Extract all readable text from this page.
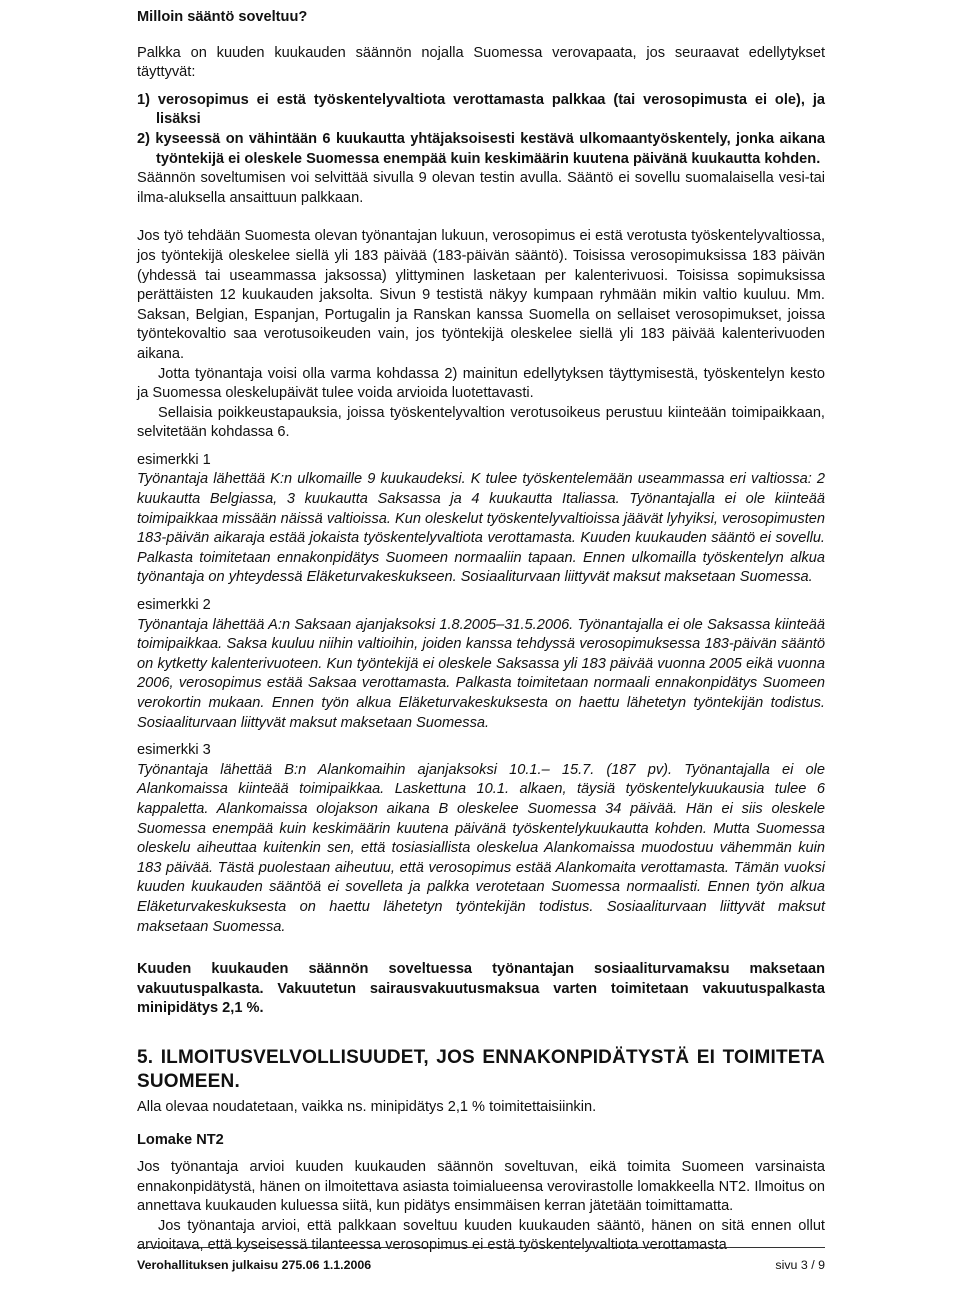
Milloin sääntö soveltuu?

Palkka on kuuden kuukauden säännön nojalla Suomessa verovapaata, jos seuraavat edellytykset täyttyvät:

1) verosopimus ei estä työskentelyvaltiota verottamasta palkkaa (tai verosopimusta ei ole), ja lisäksi

2) kyseessä on vähintään 6 kuukautta yhtäjaksoisesti kestävä ulkomaantyöskentely, jonka aikana työntekijä ei oleskele Suomessa enempää kuin keskimäärin kuutena päivänä kuukautta kohden.

Säännön soveltumisen voi selvittää sivulla 9 olevan testin avulla. Sääntö ei sovellu suomalaisella vesi-tai ilma-aluksella ansaittuun palkkaan.

Jos työ tehdään Suomesta olevan työnantajan lukuun, verosopimus ei estä verotusta työskentelyvaltiossa, jos työntekijä oleskelee siellä yli 183 päivää (183-päivän sääntö). Toisissa verosopimuksissa 183 päivän (yhdessä tai useammassa jaksossa) ylittyminen lasketaan per kalenterivuosi. Toisissa sopimuksissa perättäisten 12 kuukauden jaksolta. Sivun 9 testistä näkyy kumpaan ryhmään mikin valtio kuuluu. Mm. Saksan, Belgian, Espanjan, Portugalin ja Ranskan kanssa Suomella on sellaiset verosopimukset, joissa työntekovaltio saa verotusoikeuden vain, jos työntekijä oleskelee siellä yli 183 päivää kalenterivuoden aikana.

Jotta työnantaja voisi olla varma kohdassa 2) mainitun edellytyksen täyttymisestä, työskentelyn kesto ja Suomessa oleskelupäivät tulee voida arvioida luotettavasti.

Sellaisia poikkeustapauksia, joissa työskentelyvaltion verotusoikeus perustuu kiinteään toimipaikkaan, selvitetään kohdassa 6.

esimerkki 1

Työnantaja lähettää K:n ulkomaille 9 kuukaudeksi. K tulee työskentelemään useammassa eri valtiossa: 2 kuukautta Belgiassa, 3 kuukautta Saksassa ja 4 kuukautta Italiassa. Työnantajalla ei ole kiinteää toimipaikkaa missään näissä valtioissa. Kun oleskelut työskentelyvaltioissa jäävät lyhyiksi, verosopimusten 183-päivän aikaraja estää jokaista työskentelyvaltiota verottamasta. Kuuden kuukauden sääntö ei sovellu. Palkasta toimitetaan ennakonpidätys Suomeen normaaliin tapaan. Ennen ulkomailla työskentelyn alkua työnantaja on yhteydessä Eläketurvakeskukseen. Sosiaaliturvaan liittyvät maksut maksetaan Suomessa.

esimerkki 2

Työnantaja lähettää A:n Saksaan ajanjaksoksi 1.8.2005–31.5.2006. Työnantajalla ei ole Saksassa kiinteää toimipaikkaa. Saksa kuuluu niihin valtioihin, joiden kanssa tehdyssä verosopimuksessa 183-päivän sääntö on kytketty kalenterivuoteen. Kun työntekijä ei oleskele Saksassa yli 183 päivää vuonna 2005 eikä vuonna 2006, verosopimus estää Saksaa verottamasta. Palkasta toimitetaan normaali ennakonpidätys Suomeen verokortin mukaan. Ennen työn alkua Eläketurvakeskuksesta on haettu lähetetyn työntekijän todistus. Sosiaaliturvaan liittyvät maksut maksetaan Suomessa.

esimerkki 3

Työnantaja lähettää B:n Alankomaihin ajanjaksoksi 10.1.– 15.7. (187 pv). Työnantajalla ei ole Alankomaissa kiinteää toimipaikkaa. Laskettuna 10.1. alkaen, täysiä työskentelykuukausia tulee 6 kappaletta. Alankomaissa olojakson aikana B oleskelee Suomessa 34 päivää. Hän ei siis oleskele Suomessa enempää kuin keskimäärin kuutena päivänä työskentelykuukautta kohden. Mutta Suomessa oleskelu aiheuttaa kuitenkin sen, että tosiasiallista oleskelua Alankomaissa muodostuu vähemmän kuin 183 päivää. Tästä puolestaan aiheutuu, että verosopimus estää Alankomaita verottamasta. Tämän vuoksi kuuden kuukauden sääntöä ei sovelleta ja palkka verotetaan Suomessa normaalisti. Ennen työn alkua Eläketurvakeskuksesta on haettu lähetetyn työntekijän todistus. Sosiaaliturvaan liittyvät maksut maksetaan Suomessa.

Kuuden kuukauden säännön soveltuessa työnantajan sosiaaliturvamaksu maksetaan vakuutuspalkasta. Vakuutetun sairausvakuutusmaksua varten toimitetaan vakuutuspalkasta minipidätys 2,1 %.

5. ILMOITUSVELVOLLISUUDET, JOS ENNAKONPIDÄTYSTÄ EI TOIMITETA SUOMEEN.

Alla olevaa noudatetaan, vaikka ns. minipidätys 2,1 % toimitettaisiinkin.

Lomake NT2

Jos työnantaja arvioi kuuden kuukauden säännön soveltuvan, eikä toimita Suomeen varsinaista ennakonpidätystä, hänen on ilmoitettava asiasta toimialueensa verovirastolle lomakkeella NT2. Ilmoitus on annettava kuukauden kuluessa siitä, kun pidätys ensimmäisen kerran jätetään toimittamatta.

Jos työnantaja arvioi, että palkkaan soveltuu kuuden kuukauden sääntö, hänen on sitä ennen ollut arvioitava, että kyseisessä tilanteessa verosopimus ei estä työskentelyvaltiota verottamasta

Verohallituksen julkaisu 275.06 1.1.2006	sivu 3 / 9
